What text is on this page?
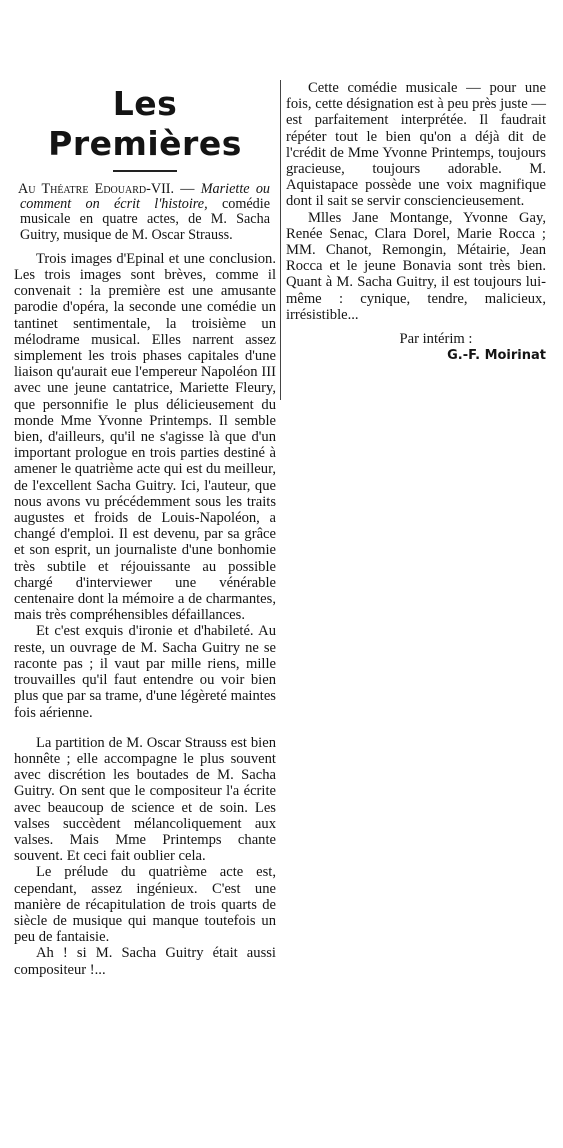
Les Premières
Au Théatre Edouard-VII. — Mariette ou comment on écrit l'histoire, comédie musicale en quatre actes, de M. Sacha Guitry, musique de M. Oscar Strauss.

Trois images d'Epinal et une conclusion. Les trois images sont brèves, comme il convenait : la première est une amusante parodie d'opéra, la seconde une comédie un tantinet sentimentale, la troisième un mélodrame musical. Elles narrent assez simplement les trois phases capitales d'une liaison qu'aurait eue l'empereur Napoléon III avec une jeune cantatrice, Mariette Fleury, que personnifie le plus délicieusement du monde Mme Yvonne Printemps. Il semble bien, d'ailleurs, qu'il ne s'agisse là que d'un important prologue en trois parties destiné à amener le quatrième acte qui est du meilleur, de l'excellent Sacha Guitry. Ici, l'auteur, que nous avons vu précédemment sous les traits augustes et froids de Louis-Napoléon, a changé d'emploi. Il est devenu, par sa grâce et son esprit, un journaliste d'une bonhomie très subtile et réjouissante au possible chargé d'interviewer une vénérable centenaire dont la mémoire a de charmantes, mais très compréhensibles défaillances.

Et c'est exquis d'ironie et d'habileté. Au reste, un ouvrage de M. Sacha Guitry ne se raconte pas ; il vaut par mille riens, mille trouvailles qu'il faut entendre ou voir bien plus que par sa trame, d'une légèreté maintes fois aérienne.

La partition de M. Oscar Strauss est bien honnête ; elle accompagne le plus souvent avec discrétion les boutades de M. Sacha Guitry. On sent que le compositeur l'a écrite avec beaucoup de science et de soin. Les valses succèdent mélancoliquement aux valses. Mais Mme Printemps chante souvent. Et ceci fait oublier cela.

Le prélude du quatrième acte est, cependant, assez ingénieux. C'est une manière de récapitulation de trois quarts de siècle de musique qui manque toutefois un peu de fantaisie.

Ah ! si M. Sacha Guitry était aussi compositeur !...

Cette comédie musicale — pour une fois, cette désignation est à peu près juste — est parfaitement interprétée. Il faudrait répéter tout le bien qu'on a déjà dit de l'crédit de Mme Yvonne Printemps, toujours gracieuse, toujours adorable. M. Aquistapace possède une voix magnifique dont il sait se servir consciencieusement.

Mlles Jane Montange, Yvonne Gay, Renée Senac, Clara Dorel, Marie Rocca ; MM. Chanot, Remongin, Métairie, Jean Rocca et le jeune Bonavia sont très bien. Quant à M. Sacha Guitry, il est toujours lui-même : cynique, tendre, malicieux, irrésistible...

Par intérim :
G.-F. Moirinat
